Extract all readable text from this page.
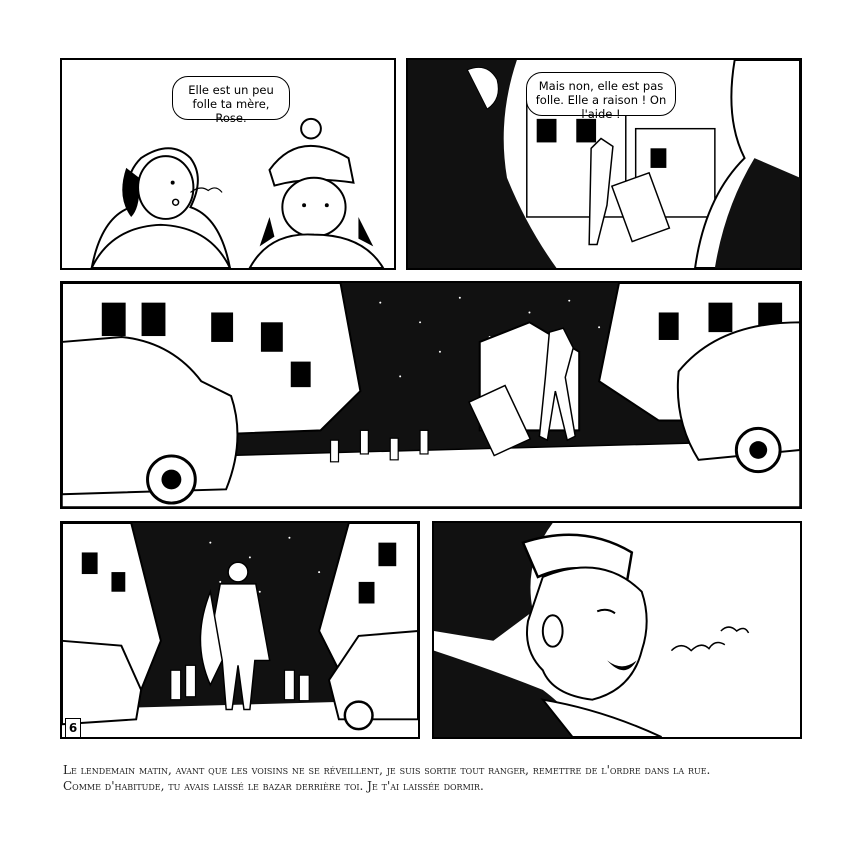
Elle est un peu folle ta mère, Rose.
Mais non, elle est pas folle. Elle a raison ! On l'aide !
6
Le lendemain matin, avant que les voisins ne se réveillent, je suis sortie tout ranger, remettre de l'ordre dans la rue.
Comme d'habitude, tu avais laissé le bazar derrière toi. Je t'ai laissée dormir.
